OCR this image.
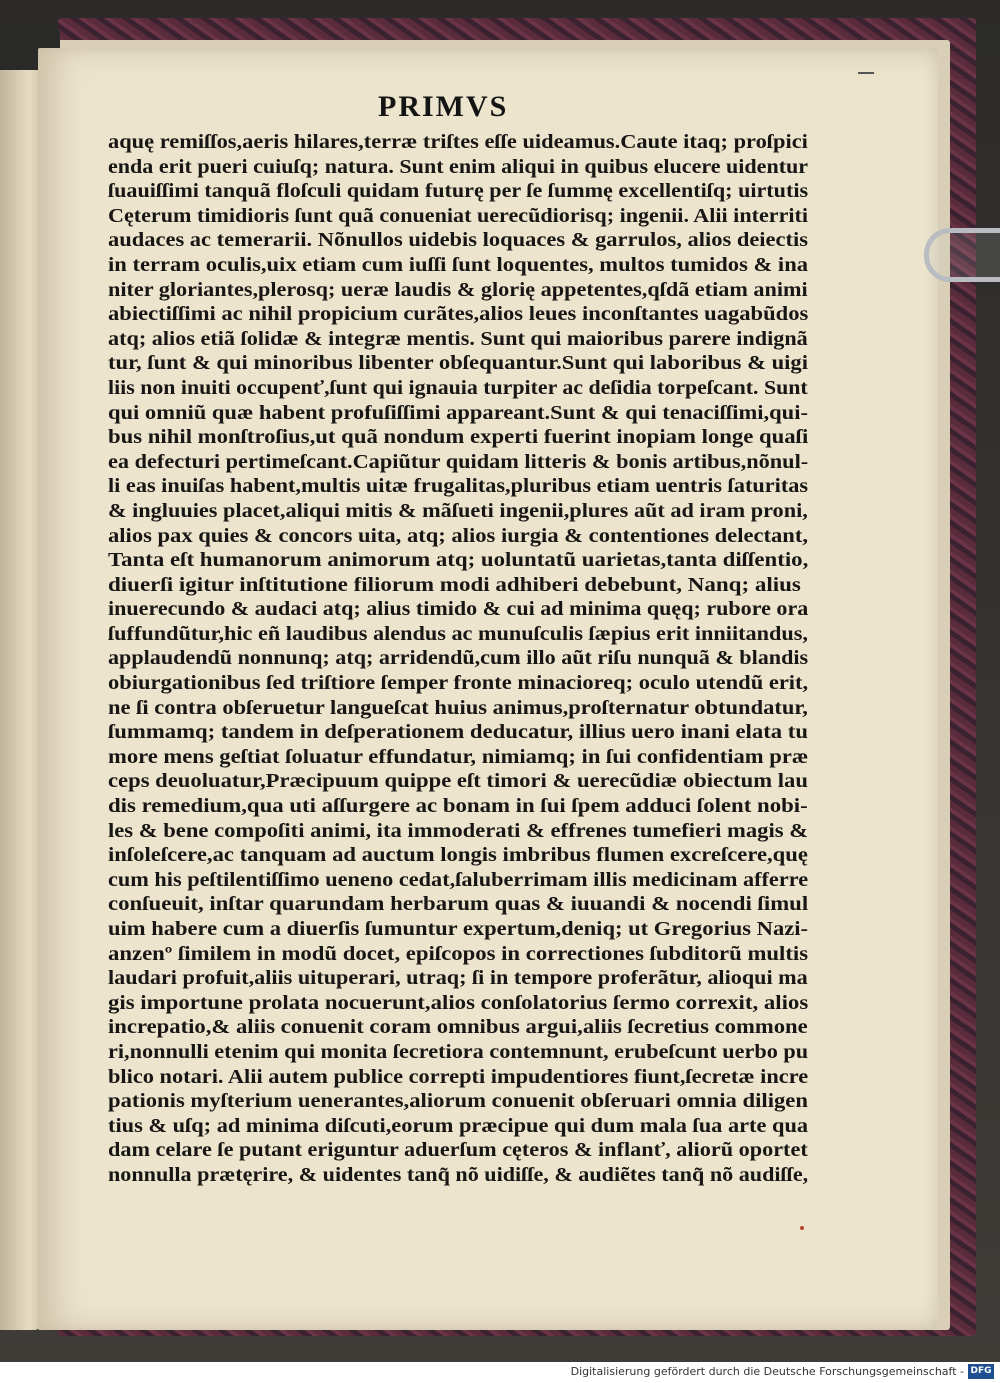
PRIMVS
aquę remiſſos,aeris hilares,terræ triſtes eſſe uideamus.Caute itaq; proſpici
enda erit pueri cuiuſq; natura. Sunt enim aliqui in quibus elucere uidentur
ſuauiſſimi tanquã floſculi quidam futurę per ſe ſummę excellentiſq; uirtutis
Cęterum timidioris ſunt quã conueniat uerecũdiorisq; ingenii. Alii interriti
audaces ac temerarii. Nõnullos uidebis loquaces & garrulos, alios deiectis
in terram oculis,uix etiam cum iuſſi ſunt loquentes, multos tumidos & ina
niter gloriantes,plerosq; ueræ laudis & glorię appetentes,qſdã etiam animi
abiectiſſimi ac nihil propicium curãtes,alios leues inconſtantes uagabũdos
atq; alios etiã ſolidæ & integræ mentis. Sunt qui maioribus parere indignã
tur, ſunt & qui minoribus libenter obſequantur.Sunt qui laboribus & uigi
liis non inuiti occupenť,ſunt qui ignauia turpiter ac deſidia torpeſcant. Sunt
qui omniũ quæ habent profuſiſſimi appareant.Sunt & qui tenaciſſimi,qui-
bus nihil monſtroſius,ut quã nondum experti fuerint inopiam longe quaſi
ea defecturi pertimeſcant.Capiũtur quidam litteris & bonis artibus,nõnul-
li eas inuiſas habent,multis uitæ frugalitas,pluribus etiam uentris ſaturitas
& ingluuies placet,aliqui mitis & mãſueti ingenii,plures aũt ad iram proni,
alios pax quies & concors uita, atq; alios iurgia & contentiones delectant,
Tanta eſt humanorum animorum atq; uoluntatũ uarietas,tanta diſſentio,
diuerſi igitur inſtitutione filiorum modi adhiberi debebunt, Nanq; alius
inuerecundo & audaci atq; alius timido & cui ad minima quęq; rubore ora
ſuffundũtur,hic eñ laudibus alendus ac munuſculis ſæpius erit inniitandus,
applaudendũ nonnunq; atq; arridendũ,cum illo aũt riſu nunquã & blandis
obiurgationibus ſed triſtiore ſemper fronte minacioreq; oculo utendũ erit,
ne ſi contra obſeruetur langueſcat huius animus,proſternatur obtundatur,
ſummamq; tandem in deſperationem deducatur, illius uero inani elata tu
more mens geſtiat ſoluatur effundatur, nimiamq; in ſui confidentiam præ
ceps deuoluatur,Præcipuum quippe eſt timori & uerecũdiæ obiectum lau
dis remedium,qua uti aſſurgere ac bonam in ſui ſpem adduci ſolent nobi-
les & bene compoſiti animi, ita immoderati & effrenes tumefieri magis &
inſoleſcere,ac tanquam ad auctum longis imbribus flumen excreſcere,quę
cum his peſtilentiſſimo ueneno cedat,ſaluberrimam illis medicinam afferre
conſueuit, inſtar quarundam herbarum quas & iuuandi & nocendi ſimul
uim habere cum a diuerſis ſumuntur expertum,deniq; ut Gregorius Nazi-
anzenº ſimilem in modũ docet, epiſcopos in correctiones ſubditorũ multis
laudari profuit,aliis uituperari, utraq; ſi in tempore proferãtur, alioqui ma
gis importune prolata nocuerunt,alios conſolatorius ſermo correxit, alios
increpatio,& aliis conuenit coram omnibus argui,aliis ſecretius commone
ri,nonnulli etenim qui monita ſecretiora contemnunt, erubeſcunt uerbo pu
blico notari. Alii autem publice correpti impudentiores fiunt,ſecretæ incre
pationis myſterium uenerantes,aliorum conuenit obſeruari omnia diligen
tius & uſq; ad minima diſcuti,eorum præcipue qui dum mala ſua arte qua
dam celare ſe putant eriguntur aduerſum cęteros & inflanť, aliorũ oportet
nonnulla prætęrire, & uidentes tanq̃ nõ uidiſſe, & audiẽtes tanq̃ nõ audiſſe,
Digitalisierung gefördert durch die Deutsche Forschungsgemeinschaft - DFG
